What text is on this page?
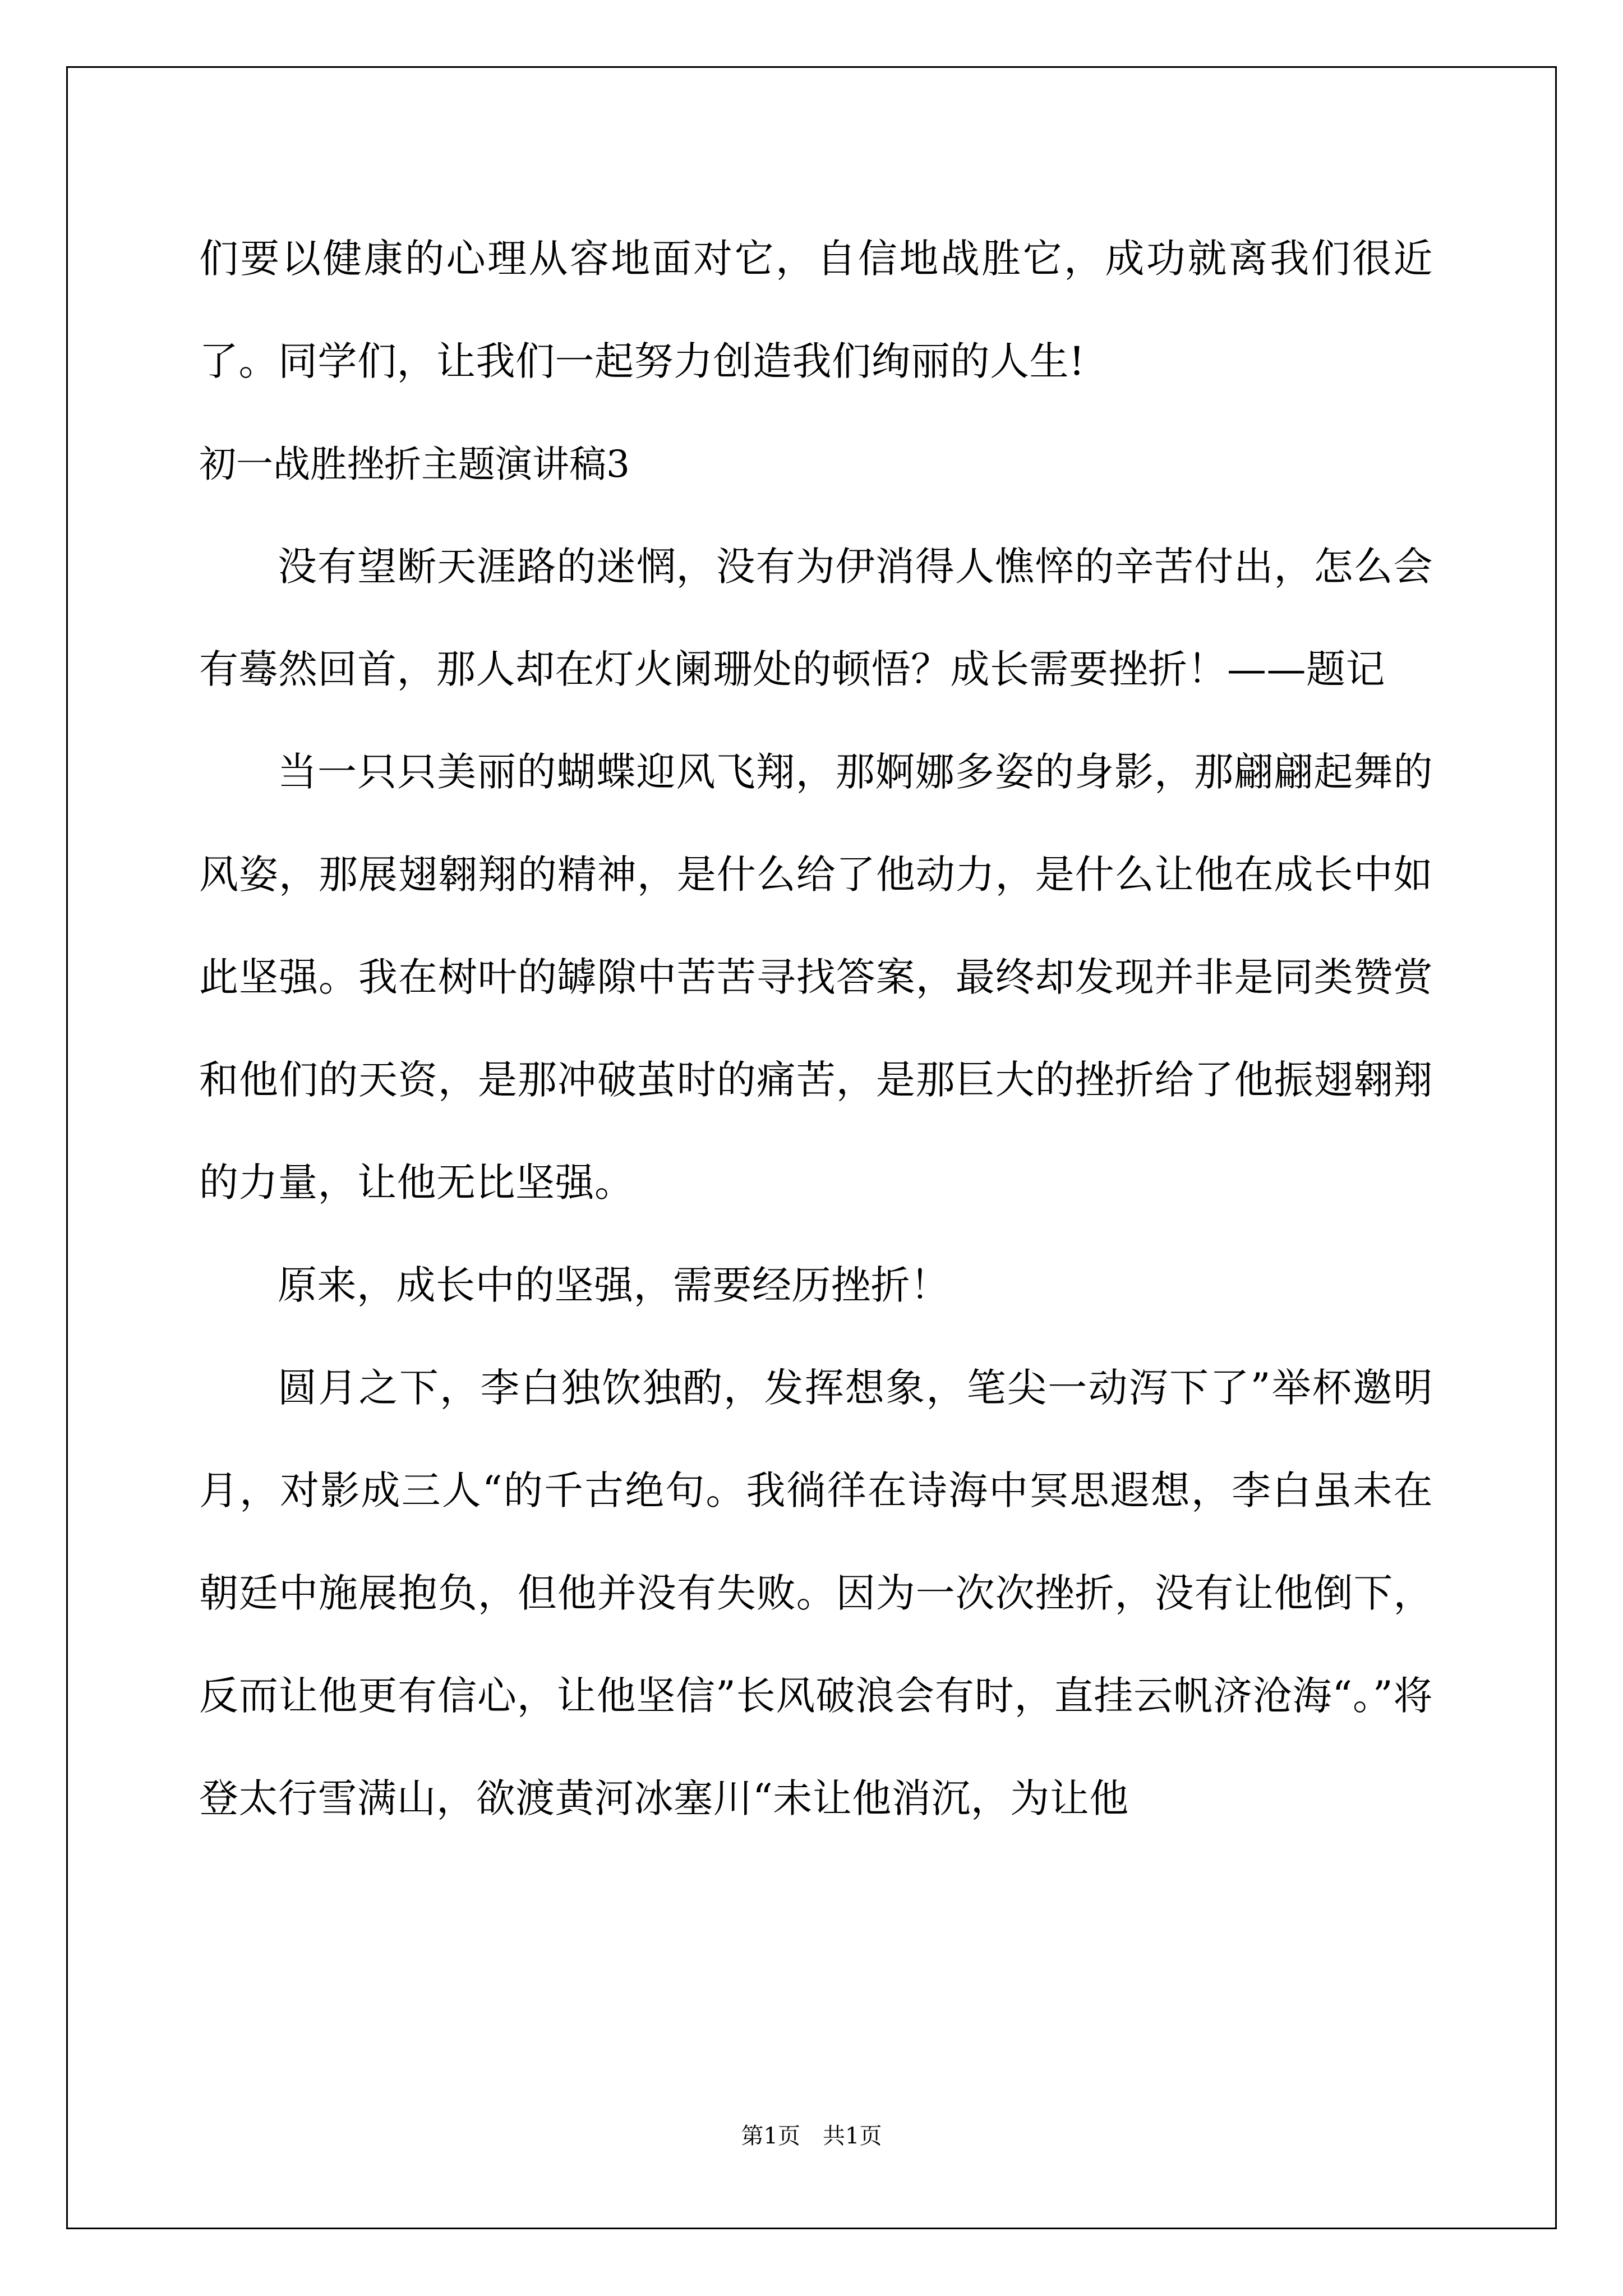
们要以健康的心理从容地面对它，自信地战胜它，成功就离我们很近了。同学们，让我们一起努力创造我们绚丽的人生!

初一战胜挫折主题演讲稿3

没有望断天涯路的迷惘，没有为伊消得人憔悴的辛苦付出，怎么会有蓦然回首，那人却在灯火阑珊处的顿悟？成长需要挫折！——题记

当一只只美丽的蝴蝶迎风飞翔，那婀娜多姿的身影，那翩翩起舞的风姿，那展翅翱翔的精神，是什么给了他动力，是什么让他在成长中如此坚强。我在树叶的罅隙中苦苦寻找答案，最终却发现并非是同类赞赏和他们的天资，是那冲破茧时的痛苦，是那巨大的挫折给了他振翅翱翔的力量，让他无比坚强。

原来，成长中的坚强，需要经历挫折！

圆月之下，李白独饮独酌，发挥想象，笔尖一动泻下了”举杯邀明月，对影成三人“的千古绝句。我徜徉在诗海中冥思遐想，李白虽未在朝廷中施展抱负，但他并没有失败。因为一次次挫折，没有让他倒下，反而让他更有信心，让他坚信”长风破浪会有时，直挂云帆济沧海“。”将登太行雪满山，欲渡黄河冰塞川“未让他消沉，为让他

第1页　共1页
